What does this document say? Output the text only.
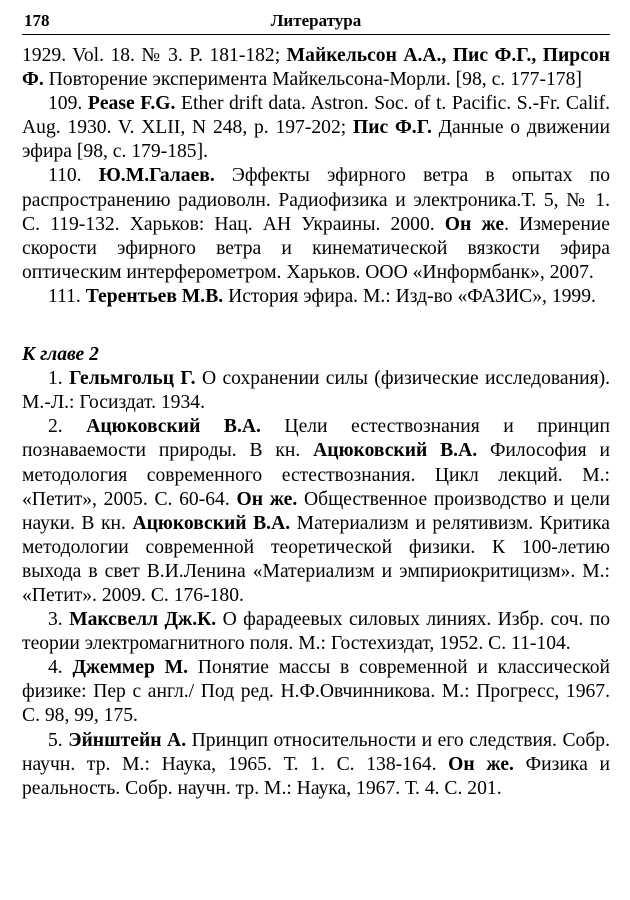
178	Литература

1929. Vol. 18. № 3. P. 181-182; Майкельсон А.А., Пис Ф.Г., Пирсон Ф. Повторение эксперимента Майкельсона-Морли. [98, с. 177-178]

109. Pease F.G. Ether drift data. Astron. Soc. of t. Pacific. S.-Fr. Calif. Aug. 1930. V. XLII, N 248, p. 197-202; Пис Ф.Г. Данные о движении эфира [98, с. 179-185].

110. Ю.М.Галаев. Эффекты эфирного ветра в опытах по распространению радиоволн. Радиофизика и электроника.Т. 5, № 1. С. 119-132. Харьков: Нац. АН Украины. 2000. Он же. Измерение скорости эфирного ветра и кинематической вязкости эфира оптическим интерферометром. Харьков. ООО «Информбанк», 2007.

111. Терентьев М.В. История эфира. М.: Изд-во «ФАЗИС», 1999.

К главе 2

1. Гельмгольц Г. О сохранении силы (физические исследования). М.-Л.: Госиздат. 1934.

2. Ацюковский В.А. Цели естествознания и принцип познаваемости природы. В кн. Ацюковский В.А. Философия и методология современного естествознания. Цикл лекций. М.: «Петит», 2005. С. 60-64. Он же. Общественное производство и цели науки. В кн. Ацюковский В.А. Материализм и релятивизм. Критика методологии современной теоретической физики. К 100-летию выхода в свет В.И.Ленина «Материализм и эмпириокритицизм». М.: «Петит». 2009. С. 176-180.

3. Максвелл Дж.К. О фарадеевых силовых линиях. Избр. соч. по теории электромагнитного поля. М.: Гостехиздат, 1952. С. 11-104.

4. Джеммер М. Понятие массы в современной и классической физике: Пер с англ./ Под ред. Н.Ф.Овчинникова. М.: Прогресс, 1967. С. 98, 99, 175.

5. Эйнштейн А. Принцип относительности и его следствия. Собр. научн. тр. М.: Наука, 1965. Т. 1. С. 138-164. Он же. Физика и реальность. Собр. научн. тр. М.: Наука, 1967. Т. 4. С. 201.
